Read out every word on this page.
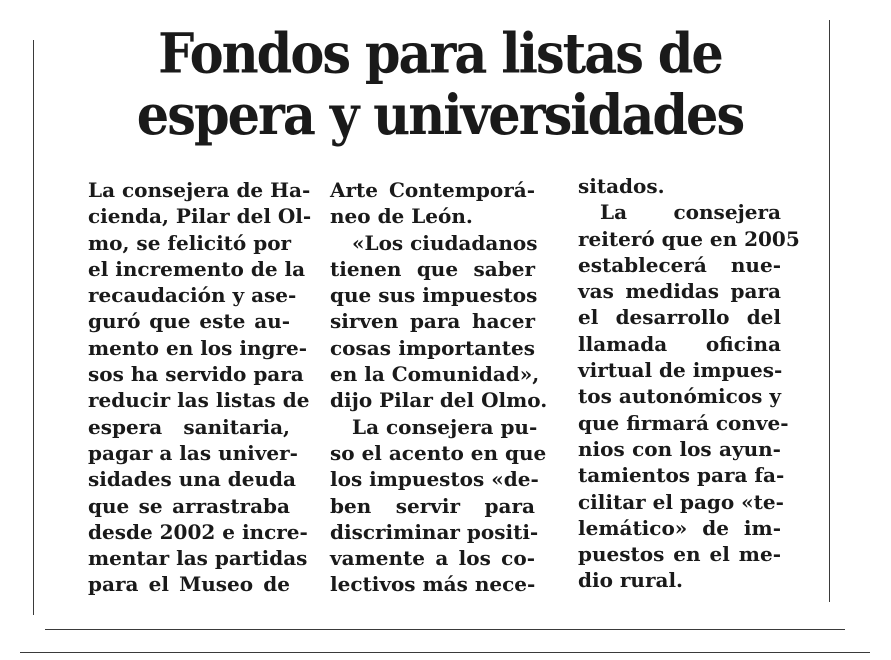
Fondos para listas de
espera y universidades
La consejera de Ha-
cienda, Pilar del Ol-
mo, se felicitó por
el incremento de la
recaudación y ase-
guró que este au-
mento en los ingre-
sos ha servido para
reducir las listas de
espera sanitaria,
pagar a las univer-
sidades una deuda
que se arrastraba
desde 2002 e incre-
mentar las partidas
para el Museo de
Arte Contemporá-
neo de León.
«Los ciudadanos
tienen que saber
que sus impuestos
sirven para hacer
cosas importantes
en la Comunidad»,
dijo Pilar del Olmo.
La consejera pu-
so el acento en que
los impuestos «de-
ben servir para
discriminar positi-
vamente a los co-
lectivos más nece-
sitados.
La consejera
reiteró que en 2005
establecerá nue-
vas medidas para
el desarrollo del
llamada oficina
virtual de impues-
tos autonómicos y
que firmará conve-
nios con los ayun-
tamientos para fa-
cilitar el pago «te-
lemático» de im-
puestos en el me-
dio rural.
